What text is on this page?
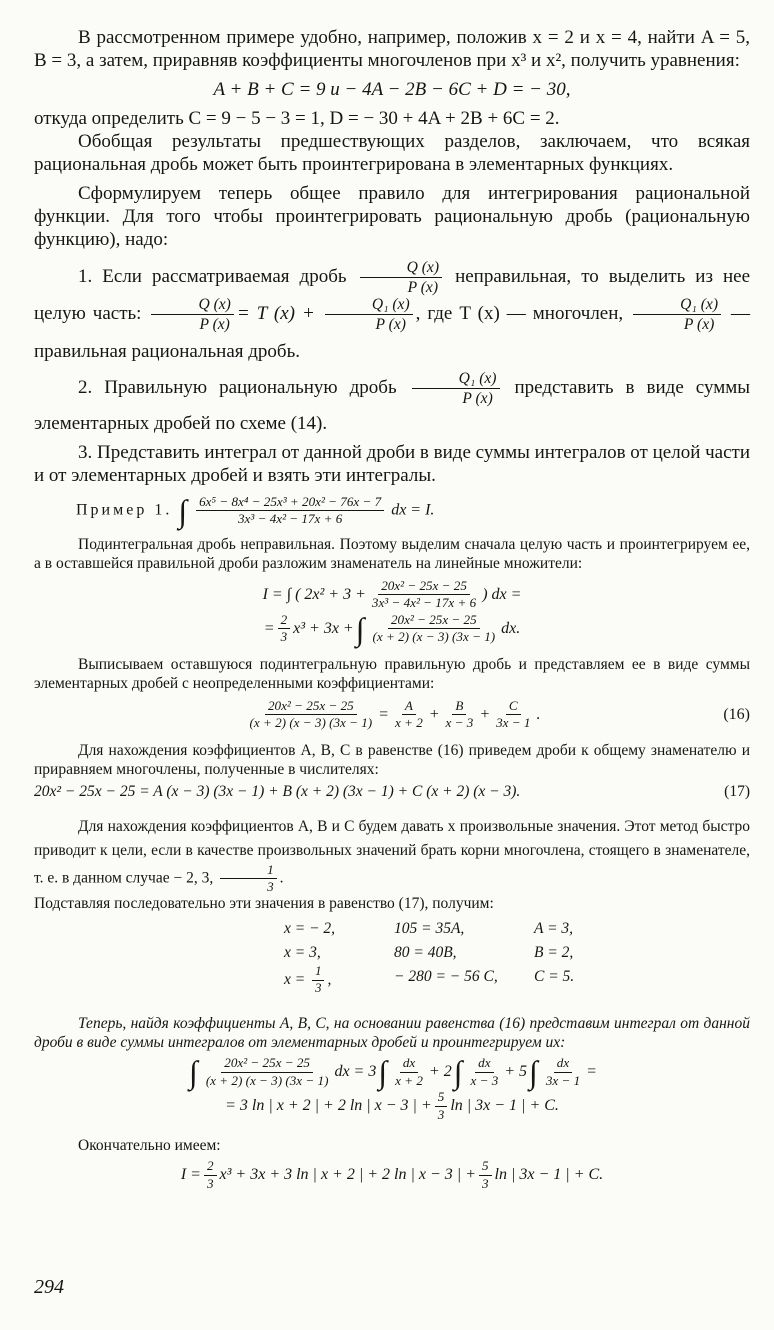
В рассмотренном примере удобно, например, положив x = 2 и x = 4, найти A = 5, B = 3, а затем, приравняв коэффициенты многочленов при x³ и x², получить уравнения:

A + B + C = 9 и − 4A − 2B − 6C + D = − 30,

откуда определить C = 9 − 5 − 3 = 1, D = − 30 + 4A + 2B + 6C = 2.

Обобщая результаты предшествующих разделов, заключаем, что всякая рациональная дробь может быть проинтегрирована в элементарных функциях.

Сформулируем теперь общее правило для интегрирования рациональной функции. Для того чтобы проинтегрировать рациональную дробь (рациональную функцию), надо:

1. Если рассматриваемая дробь $\frac{Q (x)}{P (x)}$ неправильная, то выделить из нее целую часть: $\frac{Q (x)}{P (x)} = T$ $(x) + \frac{\text{Q₁ (x)}}{P (x)}$ , где T (x) — многочлен, $\frac{\text{Q₁ (x)}}{P (x)}$ — правильная рациональная дробь.

2. Правильную рациональную дробь $\frac{\text{Q₁ (x)}}{P (x)}$ представить в виде суммы элементарных дробей по схеме (14).

3. Представить интеграл от данной дроби в виде суммы интегралов от целой части и от элементарных дробей и взять эти интегралы.

Пример 1. ∫ $\frac{\text{6x⁵ − 8x⁴ − 25x³ + 20x² − 76x − 7}}{\text{3x³ − 4x² − 17x + 6}}$ dx = I.

Подинтегральная дробь неправильная. Поэтому выделим сначала целую часть и проинтегрируем ее, а в оставшейся правильной дроби разложим знаменатель на линейные множители:

I = ∫ ( $2x^2 + 3 + \frac{\text{20x² − 25x − 25}}{\text{3x³ − 4x² − 17x + 6}}$ ) dx =
= $\frac{2}{3} x^3 + 3x$ + ∫ $\frac{\text{20x² − 25x − 25}}{(x + 2) (x - 3) (3x - 1)}$ dx.

Выписываем оставшуюся подинтегральную правильную дробь и представляем ее в виде суммы элементарных дробей с неопределенными коэффициентами:

$\frac{\text{20x² − 25x − 25}}{(x + 2) (x - 3) (3x - 1)} = \frac{A}{x + 2} + \frac{B}{x - 3} + \frac{C}{3x - 1}$ .	(16)

Для нахождения коэффициентов A, B, C в равенстве (16) приведем дроби к общему знаменателю и приравняем многочлены, полученные в числителях:

20x² − 25x − 25 = A (x − 3) (3x − 1) + B (x + 2) (3x − 1) + C (x + 2) (x − 3).	(17)

Для нахождения коэффициентов A, B и C будем давать x произвольные значения. Этот метод быстро приводит к цели, если в качестве произвольных значений брать корни многочлена, стоящего в знаменателе, т. е. в данном случае − 2, 3, $\frac{1}{3}$ .

Подставляя последовательно эти значения в равенство (17), получим:

x = − 2,	105 = 35A,	A = 3,
x = 3,	80 = 40B,	B = 2,
$x = \frac{1}{3}$ ,	− 280 = − 56 C,	C = 5.

Теперь, найдя коэффициенты A, B, C, на основании равенства (16) представим интеграл от данной дроби в виде суммы интегралов от элементарных дробей и проинтегрируем их:

∫ $\frac{\text{20x² − 25x − 25}}{(x + 2) (x - 3) (3x - 1)}$ dx = 3 ∫ $\frac{dx}{x + 2} + 2$ ∫ $\frac{dx}{x - 3} + 5$ ∫ $\frac{dx}{3x - 1}$ =
= 3 ln | x + 2 | + 2 ln | x − 3 | + $\frac{5}{3}$ ln | 3x − 1 | + C.

Окончательно имеем:

$I = \frac{2}{3} x^3 + 3x + 3$ ln | x + 2 | + 2 ln | x − 3 | + $\frac{5}{3}$ ln | 3x − 1 | + C.
294
